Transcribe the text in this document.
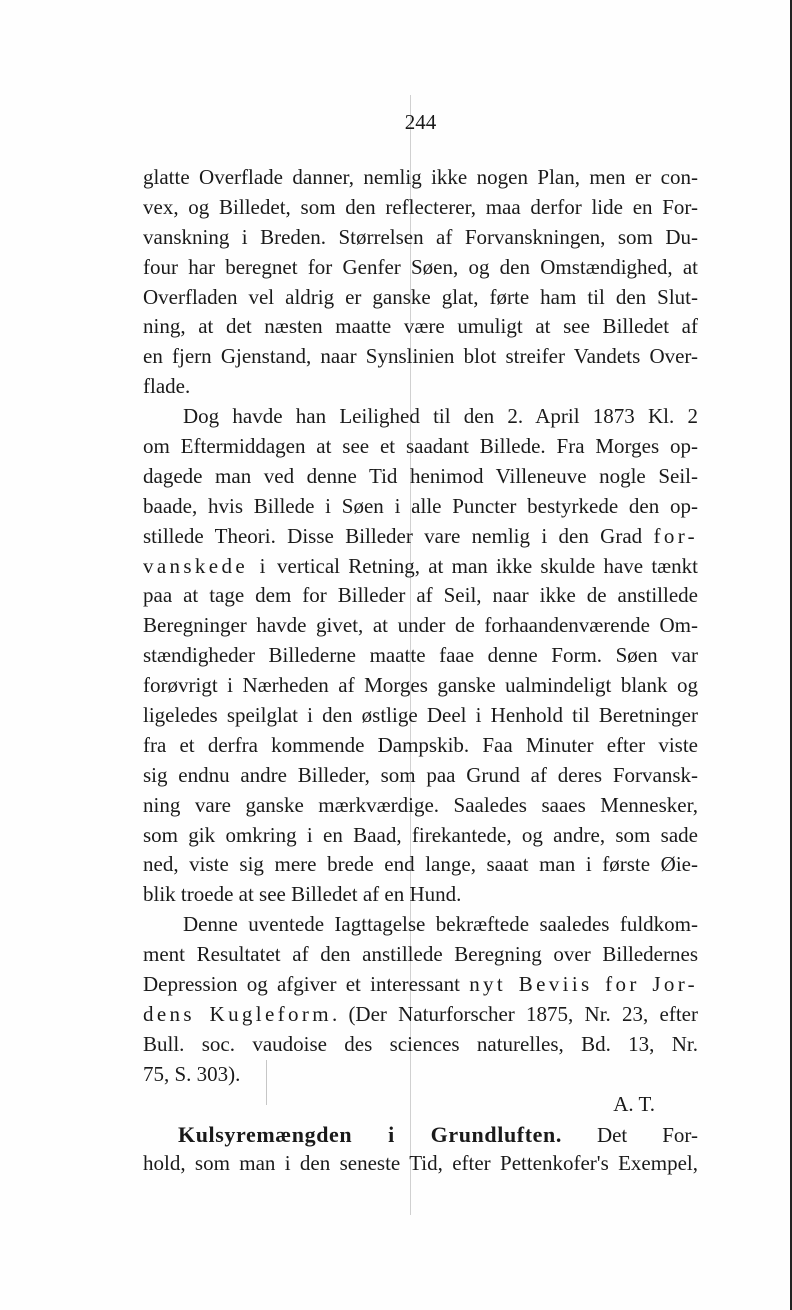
244
glatte Overflade danner, nemlig ikke nogen Plan, men er con-
vex, og Billedet, som den reflecterer, maa derfor lide en For-
vanskning i Breden. Størrelsen af Forvanskningen, som Du-
four har beregnet for Genfer Søen, og den Omstændighed, at
Overfladen vel aldrig er ganske glat, førte ham til den Slut-
ning, at det næsten maatte være umuligt at see Billedet af
en fjern Gjenstand, naar Synslinien blot streifer Vandets Over-
flade.
Dog havde han Leilighed til den 2. April 1873 Kl. 2
om Eftermiddagen at see et saadant Billede. Fra Morges op-
dagede man ved denne Tid henimod Villeneuve nogle Seil-
baade, hvis Billede i Søen i alle Puncter bestyrkede den op-
stillede Theori. Disse Billeder vare nemlig i den Grad for-
vanskede i vertical Retning, at man ikke skulde have tænkt
paa at tage dem for Billeder af Seil, naar ikke de anstillede
Beregninger havde givet, at under de forhaandenværende Om-
stændigheder Billederne maatte faae denne Form. Søen var
forøvrigt i Nærheden af Morges ganske ualmindeligt blank og
ligeledes speilglat i den østlige Deel i Henhold til Beretninger
fra et derfra kommende Dampskib. Faa Minuter efter viste
sig endnu andre Billeder, som paa Grund af deres Forvansk-
ning vare ganske mærkværdige. Saaledes saaes Mennesker,
som gik omkring i en Baad, firekantede, og andre, som sade
ned, viste sig mere brede end lange, saaat man i første Øie-
blik troede at see Billedet af en Hund.
Denne uventede Iagttagelse bekræftede saaledes fuldkom-
ment Resultatet af den anstillede Beregning over Billedernes
Depression og afgiver et interessant nyt Beviis for Jor-
dens Kugleform. (Der Naturforscher 1875, Nr. 23, efter
Bull. soc. vaudoise des sciences naturelles, Bd. 13, Nr.
75, S. 303).
A. T.
Kulsyremængden i Grundluften. Det For-
hold, som man i den seneste Tid, efter Pettenkofer's Exempel,
